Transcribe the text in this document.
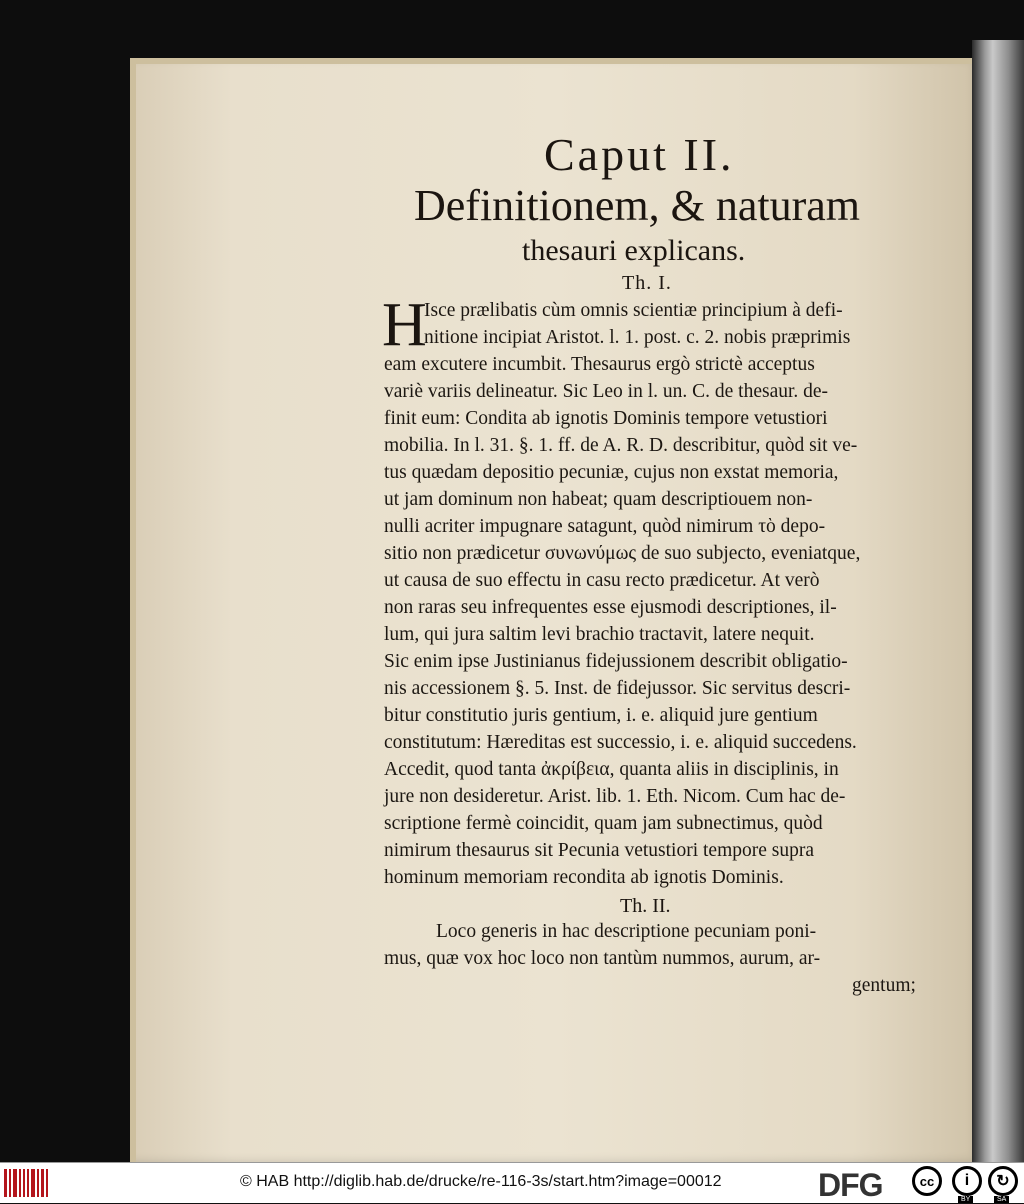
Caput II.
Definitionem, & naturam
thesauri explicans.
Th. I.
H
Isce prælibatis cùm omnis scientiæ principium à defi-
nitione incipiat Aristot. l. 1. post. c. 2. nobis præprimis
eam excutere incumbit. Thesaurus ergò strictè acceptus
variè variis delineatur. Sic Leo in l. un. C. de thesaur. de-
finit eum: Condita ab ignotis Dominis tempore vetustiori
mobilia. In l. 31. §. 1. ff. de A. R. D. describitur, quòd sit ve-
tus quædam depositio pecuniæ, cujus non exstat memoria,
ut jam dominum non habeat; quam descriptiouem non-
nulli acriter impugnare satagunt, quòd nimirum τὸ depo-
sitio non prædicetur συνωνύμως de suo subjecto, eveniatque,
ut causa de suo effectu in casu recto prædicetur. At verò
non raras seu infrequentes esse ejusmodi descriptiones, il-
lum, qui jura saltim levi brachio tractavit, latere nequit.
Sic enim ipse Justinianus fidejussionem describit obligatio-
nis accessionem §. 5. Inst. de fidejussor. Sic servitus descri-
bitur constitutio juris gentium, i. e. aliquid jure gentium
constitutum: Hæreditas est successio, i. e. aliquid succedens.
Accedit, quod tanta ἀκρίβεια, quanta aliis in disciplinis, in
jure non desideretur. Arist. lib. 1. Eth. Nicom. Cum hac de-
scriptione fermè coincidit, quam jam subnectimus, quòd
nimirum thesaurus sit Pecunia vetustiori tempore supra
hominum memoriam recondita ab ignotis Dominis.
Th. II.
Loco generis in hac descriptione pecuniam poni-
mus, quæ vox hoc loco non tantùm nummos, aurum, ar-
gentum;
© HAB http://diglib.hab.de/drucke/re-116-3s/start.htm?image=00012	DFG	cc	i	↻
BY	SA
